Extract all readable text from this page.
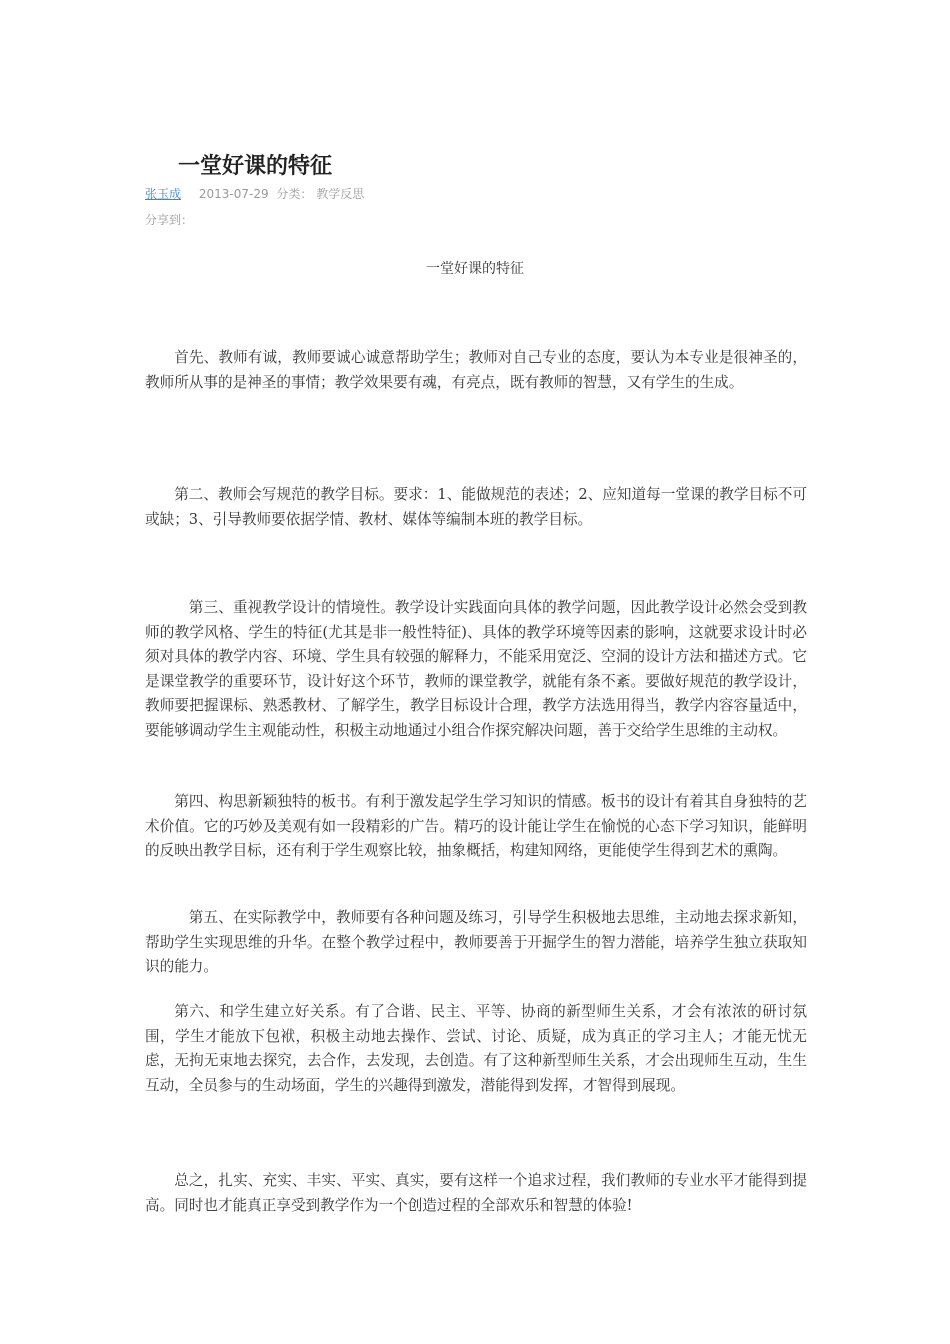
一堂好课的特征
张玉成 2013-07-29 分类： 教学反思
分享到：
一堂好课的特征

首先、教师有诚，教师要诚心诚意帮助学生；教师对自己专业的态度，要认为本专业是很神圣的，教师所从事的是神圣的事情；教学效果要有魂，有亮点，既有教师的智慧，又有学生的生成。

第二、教师会写规范的教学目标。要求：1、能做规范的表述；2、应知道每一堂课的教学目标不可或缺；3、引导教师要依据学情、教材、媒体等编制本班的教学目标。

第三、重视教学设计的情境性。教学设计实践面向具体的教学问题，因此教学设计必然会受到教师的教学风格、学生的特征(尤其是非一般性特征)、具体的教学环境等因素的影响，这就要求设计时必须对具体的教学内容、环境、学生具有较强的解释力，不能采用宽泛、空洞的设计方法和描述方式。它是课堂教学的重要环节，设计好这个环节，教师的课堂教学，就能有条不紊。要做好规范的教学设计，教师要把握课标、熟悉教材、了解学生，教学目标设计合理，教学方法选用得当，教学内容容量适中，要能够调动学生主观能动性，积极主动地通过小组合作探究解决问题，善于交给学生思维的主动权。

第四、构思新颖独特的板书。有利于激发起学生学习知识的情感。板书的设计有着其自身独特的艺术价值。它的巧妙及美观有如一段精彩的广告。精巧的设计能让学生在愉悦的心态下学习知识，能鲜明的反映出教学目标，还有利于学生观察比较，抽象概括，构建知网络，更能使学生得到艺术的熏陶。

第五、在实际教学中，教师要有各种问题及练习，引导学生积极地去思维，主动地去探求新知，帮助学生实现思维的升华。在整个教学过程中，教师要善于开掘学生的智力潜能，培养学生独立获取知识的能力。

第六、和学生建立好关系。有了合谐、民主、平等、协商的新型师生关系，才会有浓浓的研讨氛围，学生才能放下包袱，积极主动地去操作、尝试、讨论、质疑，成为真正的学习主人；才能无忧无虑，无拘无束地去探究，去合作，去发现，去创造。有了这种新型师生关系，才会出现师生互动，生生互动，全员参与的生动场面，学生的兴趣得到激发，潜能得到发挥，才智得到展现。

总之，扎实、充实、丰实、平实、真实，要有这样一个追求过程，我们教师的专业水平才能得到提高。同时也才能真正享受到教学作为一个创造过程的全部欢乐和智慧的体验!
